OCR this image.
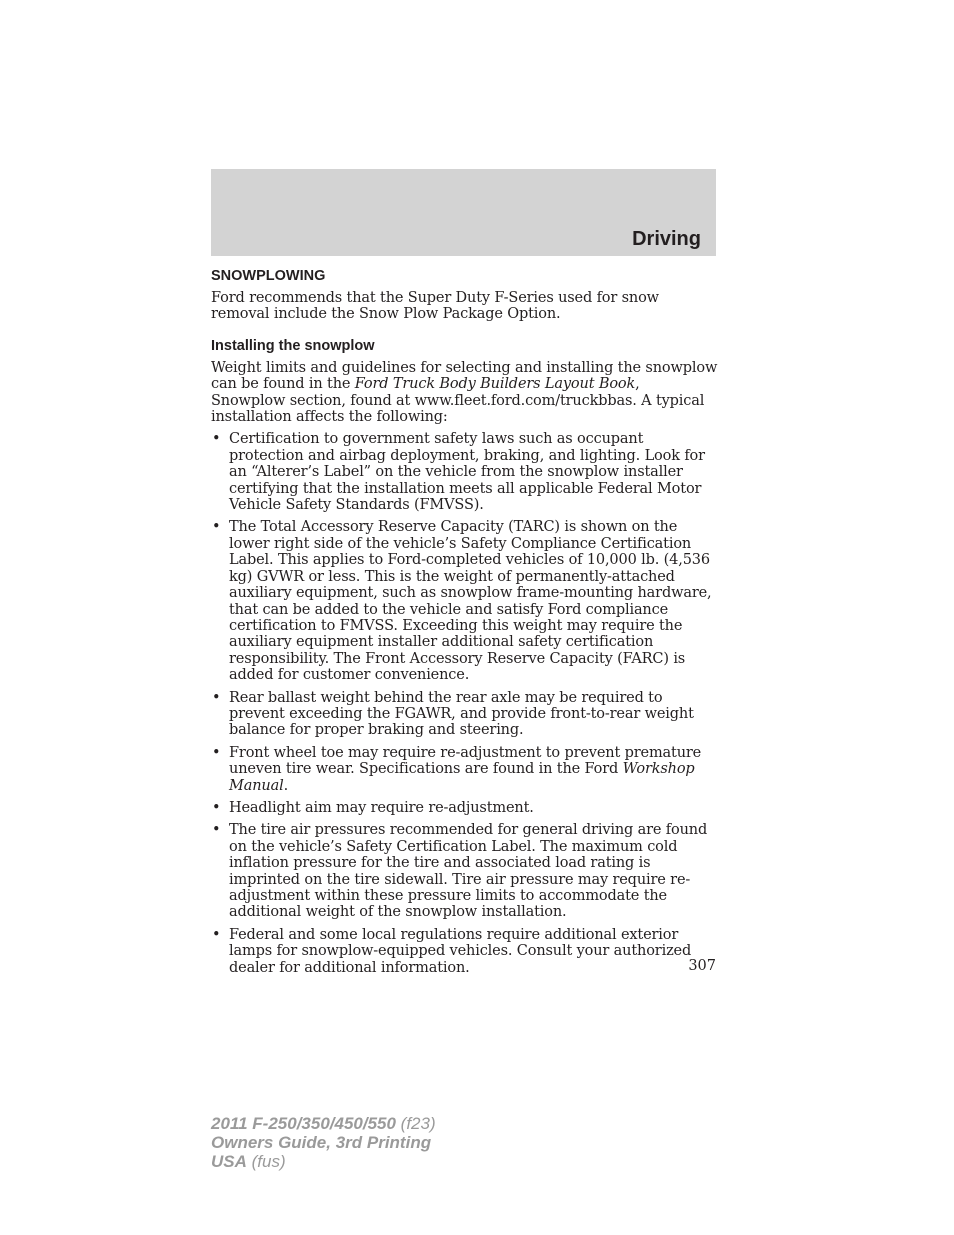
Driving
SNOWPLOWING

Ford recommends that the Super Duty F-Series used for snow removal include the Snow Plow Package Option.

Installing the snowplow

Weight limits and guidelines for selecting and installing the snowplow can be found in the Ford Truck Body Builders Layout Book, Snowplow section, found at www.fleet.ford.com/truckbbas. A typical installation affects the following:

• Certification to government safety laws such as occupant protection and airbag deployment, braking, and lighting. Look for an “Alterer’s Label” on the vehicle from the snowplow installer certifying that the installation meets all applicable Federal Motor Vehicle Safety Standards (FMVSS).
• The Total Accessory Reserve Capacity (TARC) is shown on the lower right side of the vehicle’s Safety Compliance Certification Label. This applies to Ford-completed vehicles of 10,000 lb. (4,536 kg) GVWR or less. This is the weight of permanently-attached auxiliary equipment, such as snowplow frame-mounting hardware, that can be added to the vehicle and satisfy Ford compliance certification to FMVSS. Exceeding this weight may require the auxiliary equipment installer additional safety certification responsibility. The Front Accessory Reserve Capacity (FARC) is added for customer convenience.
• Rear ballast weight behind the rear axle may be required to prevent exceeding the FGAWR, and provide front-to-rear weight balance for proper braking and steering.
• Front wheel toe may require re-adjustment to prevent premature uneven tire wear. Specifications are found in the Ford Workshop Manual.
• Headlight aim may require re-adjustment.
• The tire air pressures recommended for general driving are found on the vehicle’s Safety Certification Label. The maximum cold inflation pressure for the tire and associated load rating is imprinted on the tire sidewall. Tire air pressure may require re-adjustment within these pressure limits to accommodate the additional weight of the snowplow installation.
• Federal and some local regulations require additional exterior lamps for snowplow-equipped vehicles. Consult your authorized dealer for additional information.	307
2011 F-250/350/450/550 (f23)
Owners Guide, 3rd Printing
USA (fus)
